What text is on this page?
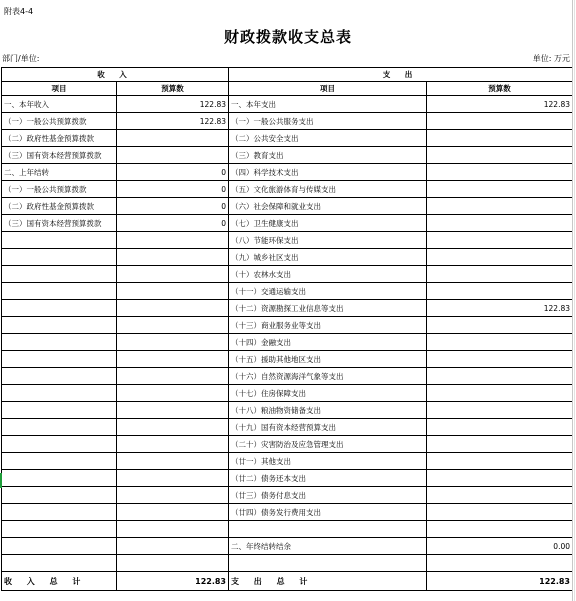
附表4-4
财政拨款收支总表
部门/单位:	单位: 万元
收 入		支 出	
项目	预算数	项目	预算数
一、本年收入	122.83	一、本年支出	122.83
（一）一般公共预算拨款	122.83	（一）一般公共服务支出	
（二）政府性基金预算拨款		（二）公共安全支出	
（三）国有资本经营预算拨款		（三）教育支出	
二、上年结转	0	（四）科学技术支出	
（一）一般公共预算拨款	0	（五）文化旅游体育与传媒支出	
（二）政府性基金预算拨款	0	（六）社会保障和就业支出	
（三）国有资本经营预算拨款	0	（七）卫生健康支出	
		（八）节能环保支出	
		（九）城乡社区支出	
		（十）农林水支出	
		（十一）交通运输支出	
		（十二）资源勘探工业信息等支出	122.83
		（十三）商业服务业等支出	
		（十四）金融支出	
		（十五）援助其他地区支出	
		（十六）自然资源海洋气象等支出	
		（十七）住房保障支出	
		（十八）粮油物资储备支出	
		（十九）国有资本经营预算支出	
		（二十）灾害防治及应急管理支出	
		（廿一）其他支出	
		（廿二）债务还本支出	
		（廿三）债务付息支出	
		（廿四）债务发行费用支出	

		二、年终结转结余	0.00

收 入 总 计	122.83	支 出 总 计	122.83
